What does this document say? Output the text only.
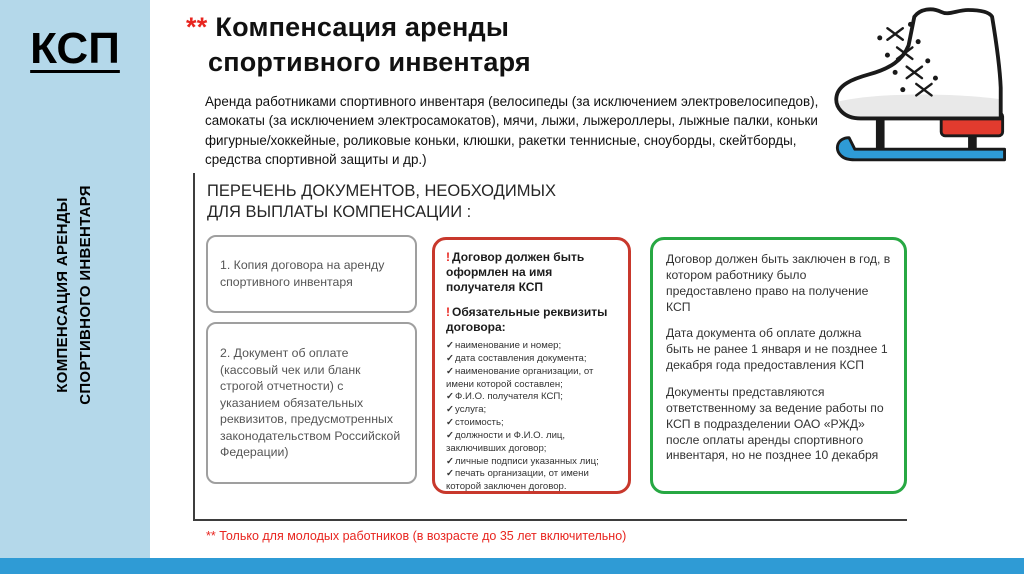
КСП
КОМПЕНСАЦИЯ АРЕНДЫ СПОРТИВНОГО ИНВЕНТАРЯ
** Компенсация аренды
спортивного инвентаря
Аренда работниками спортивного инвентаря (велосипеды (за исключением электровелосипедов), самокаты (за исключением электросамокатов), мячи, лыжи, лыжероллеры, лыжные палки, коньки фигурные/хоккейные, роликовые коньки, клюшки, ракетки теннисные, сноуборды, скейтборды, средства спортивной защиты и др.)
ПЕРЕЧЕНЬ ДОКУМЕНТОВ, НЕОБХОДИМЫХ
ДЛЯ ВЫПЛАТЫ КОМПЕНСАЦИИ :
1. Копия договора на аренду спортивного инвентаря
2. Документ об оплате (кассовый чек или бланк строгой отчетности) с указанием обязательных реквизитов, предусмотренных законодательством Российской Федерации)
! Договор должен быть оформлен на имя получателя КСП
! Обязательные реквизиты договора:
✓наименование и номер;
✓дата составления документа;
✓наименование организации, от имени которой составлен;
✓Ф.И.О. получателя КСП;
✓услуга;
✓стоимость;
✓должности и Ф.И.О. лиц, заключивших договор;
✓личные подписи указанных лиц;
✓печать организации, от имени которой заключен договор.

Договор должен быть заключен в год, в котором работнику было предоставлено право на получение КСП

Дата документа об оплате должна быть не ранее 1 января и не позднее 1 декабря года предоставления КСП

Документы представляются ответственному за ведение работы по КСП в подразделении ОАО «РЖД» после оплаты аренды спортивного инвентаря, но не позднее 10 декабря

** Только для молодых работников (в возрасте до 35 лет включительно)
